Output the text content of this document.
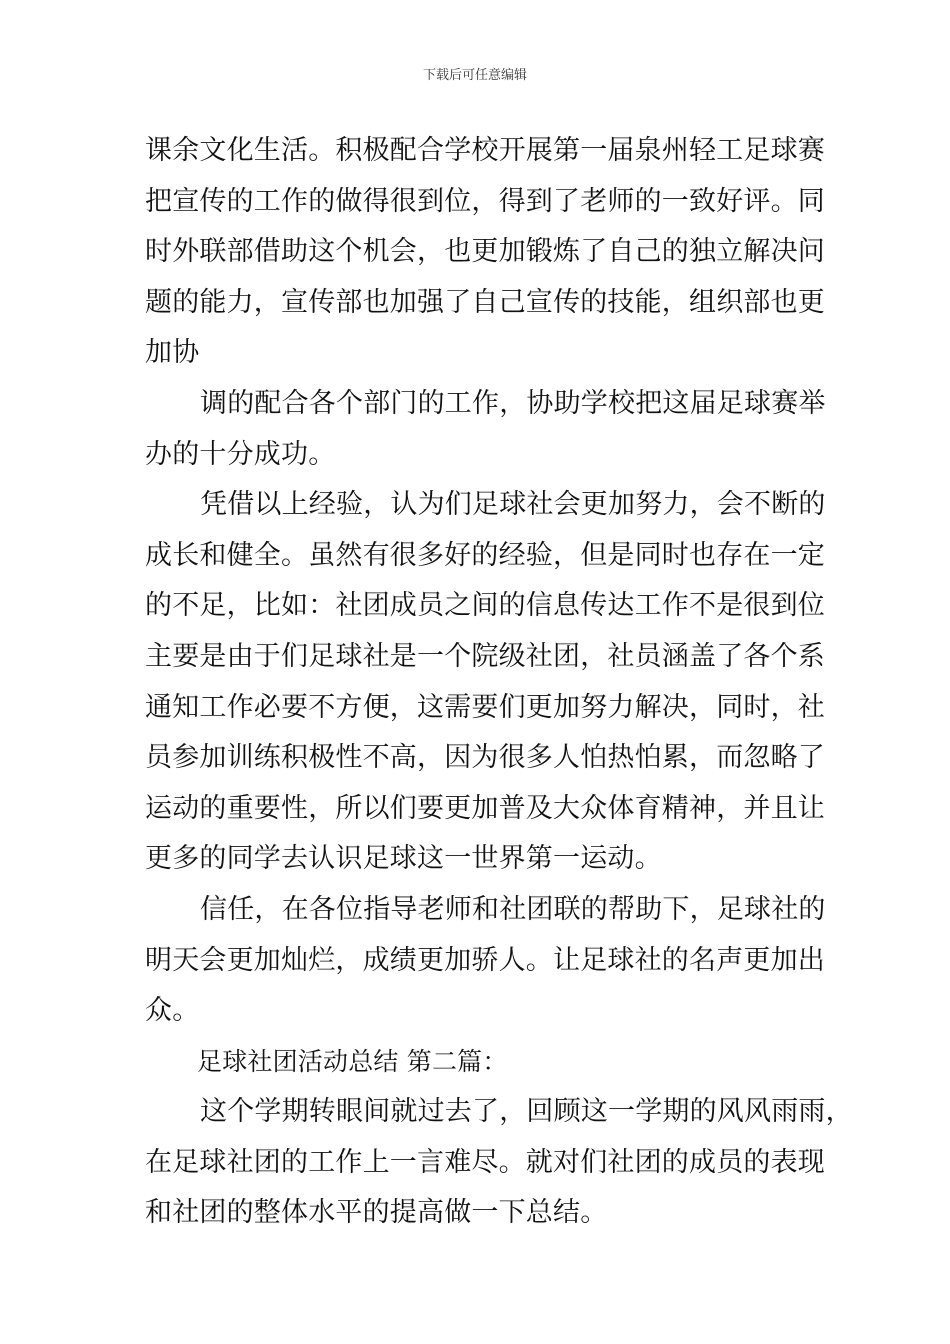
下载后可任意编辑
课余文化生活。积极配合学校开展第一届泉州轻工足球赛
把宣传的工作的做得很到位，得到了老师的一致好评。同
时外联部借助这个机会，也更加锻炼了自己的独立解决问
题的能力，宣传部也加强了自己宣传的技能，组织部也更
加协
调的配合各个部门的工作，协助学校把这届足球赛举
办的十分成功。
凭借以上经验，认为们足球社会更加努力，会不断的
成长和健全。虽然有很多好的经验，但是同时也存在一定
的不足，比如：社团成员之间的信息传达工作不是很到位
主要是由于们足球社是一个院级社团，社员涵盖了各个系
通知工作必要不方便，这需要们更加努力解决，同时，社
员参加训练积极性不高，因为很多人怕热怕累，而忽略了
运动的重要性，所以们要更加普及大众体育精神，并且让
更多的同学去认识足球这一世界第一运动。
信任，在各位指导老师和社团联的帮助下，足球社的
明天会更加灿烂，成绩更加骄人。让足球社的名声更加出
众。
足球社团活动总结 第二篇：
这个学期转眼间就过去了，回顾这一学期的风风雨雨，
在足球社团的工作上一言难尽。就对们社团的成员的表现
和社团的整体水平的提高做一下总结。
